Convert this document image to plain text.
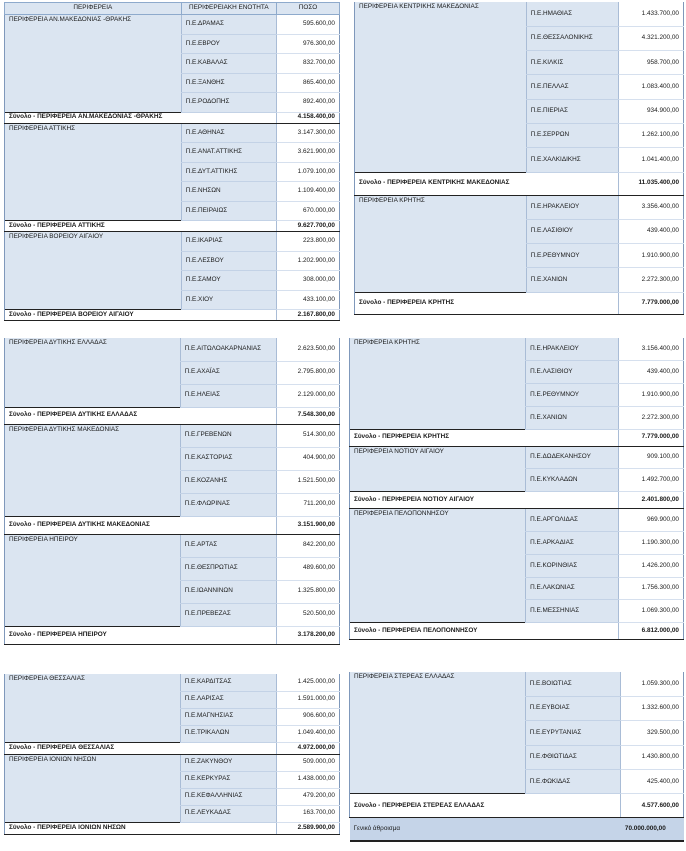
ΠΕΡΙΦΕΡΕΙΑ	ΠΕΡΙΦΕΡΕΙΑΚΗ ΕΝΟΤΗΤΑ	ΠΟΣΟ
ΠΕΡΙΦΕΡΕΙΑ ΑΝ.ΜΑΚΕΔΟΝΙΑΣ -ΘΡΑΚΗΣ	Π.Ε.ΔΡΑΜΑΣ	595.600,00
	Π.Ε.ΕΒΡΟΥ	976.300,00
	Π.Ε.ΚΑΒΑΛΑΣ	832.700,00
	Π.Ε.ΞΑΝΘΗΣ	865.400,00
	Π.Ε.ΡΟΔΟΠΗΣ	892.400,00
Σύνολο - ΠΕΡΙΦΕΡΕΙΑ ΑΝ.ΜΑΚΕΔΟΝΙΑΣ -ΘΡΑΚΗΣ		4.158.400,00
ΠΕΡΙΦΕΡΕΙΑ ΑΤΤΙΚΗΣ	Π.Ε.ΑΘΗΝΑΣ	3.147.300,00
	Π.Ε.ΑΝΑΤ.ΑΤΤΙΚΗΣ	3.621.900,00
	Π.Ε.ΔΥΤ.ΑΤΤΙΚΗΣ	1.079.100,00
	Π.Ε.ΝΗΣΩΝ	1.109.400,00
	Π.Ε.ΠΕΙΡΑΙΩΣ	670.000,00
Σύνολο - ΠΕΡΙΦΕΡΕΙΑ ΑΤΤΙΚΗΣ		9.627.700,00
ΠΕΡΙΦΕΡΕΙΑ ΒΟΡΕΙΟΥ ΑΙΓΑΙΟΥ	Π.Ε.ΙΚΑΡΙΑΣ	223.800,00
	Π.Ε.ΛΕΣΒΟΥ	1.202.900,00
	Π.Ε.ΣΑΜΟΥ	308.000,00
	Π.Ε.ΧΙΟΥ	433.100,00
Σύνολο - ΠΕΡΙΦΕΡΕΙΑ ΒΟΡΕΙΟΥ ΑΙΓΑΙΟΥ		2.167.800,00
ΠΕΡΙΦΕΡΕΙΑ ΚΕΝΤΡΙΚΗΣ ΜΑΚΕΔΟΝΙΑΣ	Π.Ε.ΗΜΑΘΙΑΣ	1.433.700,00
	Π.Ε.ΘΕΣΣΑΛΟΝΙΚΗΣ	4.321.200,00
	Π.Ε.ΚΙΛΚΙΣ	958.700,00
	Π.Ε.ΠΕΛΛΑΣ	1.083.400,00
	Π.Ε.ΠΙΕΡΙΑΣ	934.900,00
	Π.Ε.ΣΕΡΡΩΝ	1.262.100,00
	Π.Ε.ΧΑΛΚΙΔΙΚΗΣ	1.041.400,00
Σύνολο - ΠΕΡΙΦΕΡΕΙΑ ΚΕΝΤΡΙΚΗΣ ΜΑΚΕΔΟΝΙΑΣ		11.035.400,00
ΠΕΡΙΦΕΡΕΙΑ ΚΡΗΤΗΣ	Π.Ε.ΗΡΑΚΛΕΙΟΥ	3.356.400,00
	Π.Ε.ΛΑΣΙΘΙΟΥ	439.400,00
	Π.Ε.ΡΕΘΥΜΝΟΥ	1.910.900,00
	Π.Ε.ΧΑΝΙΩΝ	2.272.300,00
Σύνολο - ΠΕΡΙΦΕΡΕΙΑ ΚΡΗΤΗΣ		7.779.000,00
ΠΕΡΙΦΕΡΕΙΑ ΔΥΤΙΚΗΣ ΕΛΛΑΔΑΣ	Π.Ε.ΑΙΤΩΛΟΑΚΑΡΝΑΝΙΑΣ	2.623.500,00
	Π.Ε.ΑΧΑΪΑΣ	2.795.800,00
	Π.Ε.ΗΛΕΙΑΣ	2.129.000,00
Σύνολο - ΠΕΡΙΦΕΡΕΙΑ ΔΥΤΙΚΗΣ ΕΛΛΑΔΑΣ		7.548.300,00
ΠΕΡΙΦΕΡΕΙΑ ΔΥΤΙΚΗΣ ΜΑΚΕΔΟΝΙΑΣ	Π.Ε.ΓΡΕΒΕΝΩΝ	514.300,00
	Π.Ε.ΚΑΣΤΟΡΙΑΣ	404.900,00
	Π.Ε.ΚΟΖΑΝΗΣ	1.521.500,00
	Π.Ε.ΦΛΩΡΙΝΑΣ	711.200,00
Σύνολο - ΠΕΡΙΦΕΡΕΙΑ ΔΥΤΙΚΗΣ ΜΑΚΕΔΟΝΙΑΣ		3.151.900,00
ΠΕΡΙΦΕΡΕΙΑ ΗΠΕΙΡΟΥ	Π.Ε.ΑΡΤΑΣ	842.200,00
	Π.Ε.ΘΕΣΠΡΩΤΙΑΣ	489.600,00
	Π.Ε.ΙΩΑΝΝΙΝΩΝ	1.325.800,00
	Π.Ε.ΠΡΕΒΕΖΑΣ	520.500,00
Σύνολο - ΠΕΡΙΦΕΡΕΙΑ ΗΠΕΙΡΟΥ		3.178.200,00
ΠΕΡΙΦΕΡΕΙΑ ΚΡΗΤΗΣ	Π.Ε.ΗΡΑΚΛΕΙΟΥ	3.156.400,00
	Π.Ε.ΛΑΣΙΘΙΟΥ	439.400,00
	Π.Ε.ΡΕΘΥΜΝΟΥ	1.910.900,00
	Π.Ε.ΧΑΝΙΩΝ	2.272.300,00
Σύνολο - ΠΕΡΙΦΕΡΕΙΑ ΚΡΗΤΗΣ		7.779.000,00
ΠΕΡΙΦΕΡΕΙΑ ΝΟΤΙΟΥ ΑΙΓΑΙΟΥ	Π.Ε.ΔΩΔΕΚΑΝΗΣΟΥ	909.100,00
	Π.Ε.ΚΥΚΛΑΔΩΝ	1.492.700,00
Σύνολο - ΠΕΡΙΦΕΡΕΙΑ ΝΟΤΙΟΥ ΑΙΓΑΙΟΥ		2.401.800,00
ΠΕΡΙΦΕΡΕΙΑ ΠΕΛΟΠΟΝΝΗΣΟΥ	Π.Ε.ΑΡΓΟΛΙΔΑΣ	969.900,00
	Π.Ε.ΑΡΚΑΔΙΑΣ	1.190.300,00
	Π.Ε.ΚΟΡΙΝΘΙΑΣ	1.426.200,00
	Π.Ε.ΛΑΚΩΝΙΑΣ	1.756.300,00
	Π.Ε.ΜΕΣΣΗΝΙΑΣ	1.069.300,00
Σύνολο - ΠΕΡΙΦΕΡΕΙΑ ΠΕΛΟΠΟΝΝΗΣΟΥ		6.812.000,00
ΠΕΡΙΦΕΡΕΙΑ ΘΕΣΣΑΛΙΑΣ	Π.Ε.ΚΑΡΔΙΤΣΑΣ	1.425.000,00
	Π.Ε.ΛΑΡΙΣΑΣ	1.591.000,00
	Π.Ε.ΜΑΓΝΗΣΙΑΣ	906.600,00
	Π.Ε.ΤΡΙΚΑΛΩΝ	1.049.400,00
Σύνολο - ΠΕΡΙΦΕΡΕΙΑ ΘΕΣΣΑΛΙΑΣ		4.972.000,00
ΠΕΡΙΦΕΡΕΙΑ ΙΟΝΙΩΝ ΝΗΣΩΝ	Π.Ε.ΖΑΚΥΝΘΟΥ	509.000,00
	Π.Ε.ΚΕΡΚΥΡΑΣ	1.438.000,00
	Π.Ε.ΚΕΦΑΛΛΗΝΙΑΣ	479.200,00
	Π.Ε.ΛΕΥΚΑΔΑΣ	163.700,00
Σύνολο - ΠΕΡΙΦΕΡΕΙΑ ΙΟΝΙΩΝ ΝΗΣΩΝ		2.589.900,00
ΠΕΡΙΦΕΡΕΙΑ ΣΤΕΡΕΑΣ ΕΛΛΑΔΑΣ	Π.Ε.ΒΟΙΩΤΙΑΣ	1.059.300,00
	Π.Ε.ΕΥΒΟΙΑΣ	1.332.600,00
	Π.Ε.ΕΥΡΥΤΑΝΙΑΣ	329.500,00
	Π.Ε.ΦΘΙΩΤΙΔΑΣ	1.430.800,00
	Π.Ε.ΦΩΚΙΔΑΣ	425.400,00
Σύνολο - ΠΕΡΙΦΕΡΕΙΑ ΣΤΕΡΕΑΣ ΕΛΛΑΔΑΣ		4.577.600,00
Γενικό άθροισμα		70.000.000,00
